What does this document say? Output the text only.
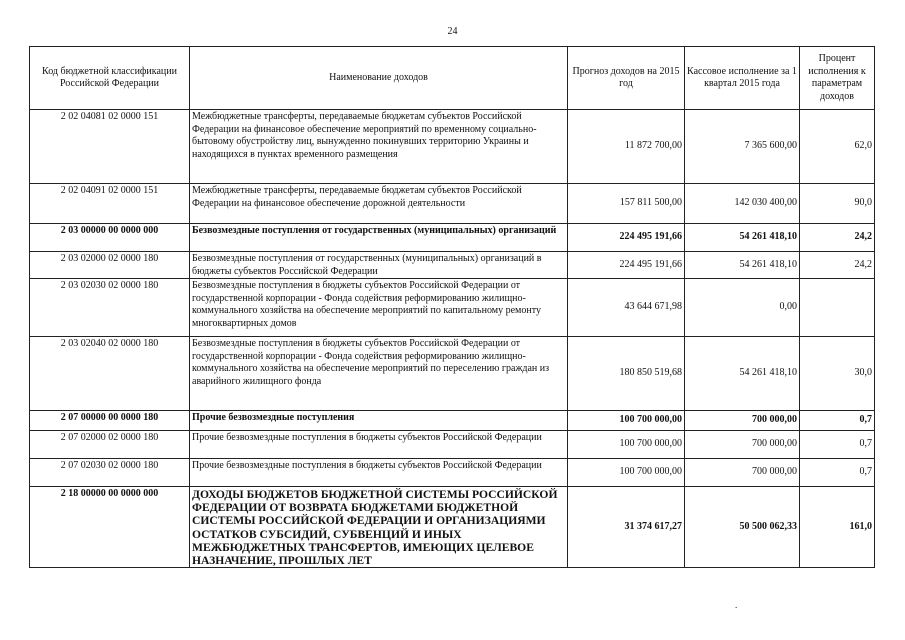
24
Код бюджетной классификации Российской Федерации	Наименование доходов	Прогноз доходов на 2015 год	Кассовое исполнение за 1 квартал 2015 года	Процент исполнения к параметрам доходов
2 02 04081 02 0000 151	Межбюджетные трансферты, передаваемые бюджетам субъектов Российской Федерации на финансовое обеспечение мероприятий по временному социально-бытовому обустройству лиц, вынужденно покинувших территорию Украины и находящихся в пунктах временного размещения	11 872 700,00	7 365 600,00	62,0
2 02 04091 02 0000 151	Межбюджетные трансферты, передаваемые бюджетам субъектов Российской Федерации на финансовое обеспечение дорожной деятельности	157 811 500,00	142 030 400,00	90,0
2 03 00000 00 0000 000	Безвозмездные поступления от государственных (муниципальных) организаций	224 495 191,66	54 261 418,10	24,2
2 03 02000 02 0000 180	Безвозмездные поступления от государственных (муниципальных) организаций в бюджеты субъектов Российской Федерации	224 495 191,66	54 261 418,10	24,2
2 03 02030 02 0000 180	Безвозмездные поступления в бюджеты субъектов Российской Федерации от государственной корпорации - Фонда содействия реформированию жилищно-коммунального хозяйства на обеспечение мероприятий по капитальному ремонту многоквартирных домов	43 644 671,98	0,00	
2 03 02040 02 0000 180	Безвозмездные поступления в бюджеты субъектов Российской Федерации от государственной корпорации - Фонда содействия реформированию жилищно-коммунального хозяйства на обеспечение мероприятий по переселению граждан из аварийного жилищного фонда	180 850 519,68	54 261 418,10	30,0
2 07 00000 00 0000 180	Прочие безвозмездные поступления	100 700 000,00	700 000,00	0,7
2 07 02000 02 0000 180	Прочие безвозмездные поступления в бюджеты субъектов Российской Федерации	100 700 000,00	700 000,00	0,7
2 07 02030 02 0000 180	Прочие безвозмездные поступления в бюджеты субъектов Российской Федерации	100 700 000,00	700 000,00	0,7
2 18 00000 00 0000 000	ДОХОДЫ БЮДЖЕТОВ БЮДЖЕТНОЙ СИСТЕМЫ РОССИЙСКОЙ ФЕДЕРАЦИИ ОТ ВОЗВРАТА БЮДЖЕТАМИ БЮДЖЕТНОЙ СИСТЕМЫ РОССИЙСКОЙ ФЕДЕРАЦИИ И ОРГАНИЗАЦИЯМИ ОСТАТКОВ СУБСИДИЙ, СУБВЕНЦИЙ И ИНЫХ МЕЖБЮДЖЕТНЫХ ТРАНСФЕРТОВ, ИМЕЮЩИХ ЦЕЛЕВОЕ НАЗНАЧЕНИЕ, ПРОШЛЫХ ЛЕТ	31 374 617,27	50 500 062,33	161,0
.
